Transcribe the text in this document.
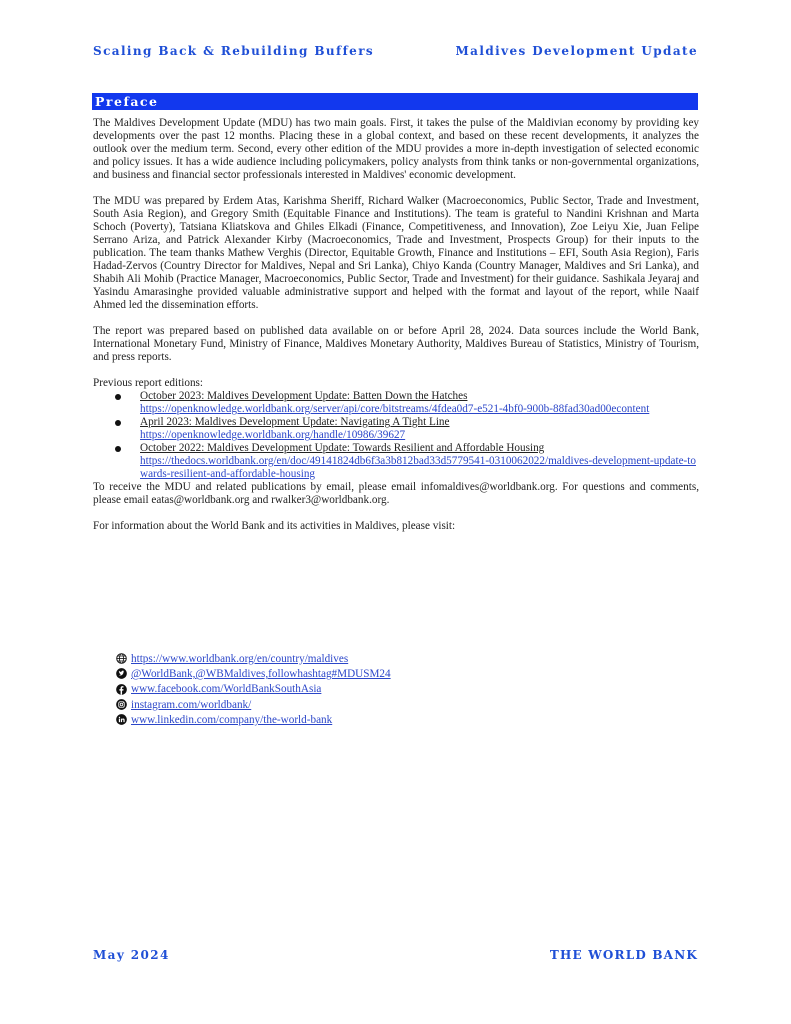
Scaling Back & Rebuilding Buffers	Maldives Development Update
Preface

The Maldives Development Update (MDU) has two main goals. First, it takes the pulse of the Maldivian economy by providing key developments over the past 12 months. Placing these in a global context, and based on these recent developments, it analyzes the outlook over the medium term. Second, every other edition of the MDU provides a more in-depth investigation of selected economic and policy issues. It has a wide audience including policymakers, policy analysts from think tanks or non-governmental organizations, and business and financial sector professionals interested in Maldives' economic development.

The MDU was prepared by Erdem Atas, Karishma Sheriff, Richard Walker (Macroeconomics, Public Sector, Trade and Investment, South Asia Region), and Gregory Smith (Equitable Finance and Institutions). The team is grateful to Nandini Krishnan and Marta Schoch (Poverty), Tatsiana Kliatskova and Ghiles Elkadi (Finance, Competitiveness, and Innovation), Zoe Leiyu Xie, Juan Felipe Serrano Ariza, and Patrick Alexander Kirby (Macroeconomics, Trade and Investment, Prospects Group) for their inputs to the publication. The team thanks Mathew Verghis (Director, Equitable Growth, Finance and Institutions – EFI, South Asia Region), Faris Hadad-Zervos (Country Director for Maldives, Nepal and Sri Lanka), Chiyo Kanda (Country Manager, Maldives and Sri Lanka), and Shabih Ali Mohib (Practice Manager, Macroeconomics, Public Sector, Trade and Investment) for their guidance. Sashikala Jeyaraj and Yasindu Amarasinghe provided valuable administrative support and helped with the format and layout of the report, while Naaif Ahmed led the dissemination efforts.

The report was prepared based on published data available on or before April 28, 2024. Data sources include the World Bank, International Monetary Fund, Ministry of Finance, Maldives Monetary Authority, Maldives Bureau of Statistics, Ministry of Tourism, and press reports.

Previous report editions:

October 2023: Maldives Development Update: Batten Down the Hatches
https://openknowledge.worldbank.org/server/api/core/bitstreams/4fdea0d7-e521-4bf0-900b-88fad30ad00econtent
April 2023: Maldives Development Update: Navigating A Tight Line
https://openknowledge.worldbank.org/handle/10986/39627
October 2022: Maldives Development Update: Towards Resilient and Affordable Housing
https://thedocs.worldbank.org/en/doc/49141824db6f3a3b812bad33d5779541-0310062022/maldives-development-update-towards-resilient-and-affordable-housing

To receive the MDU and related publications by email, please email infomaldives@worldbank.org. For questions and comments, please email eatas@worldbank.org and rwalker3@worldbank.org.

For information about the World Bank and its activities in Maldives, please visit:

https://www.worldbank.org/en/country/maldives
@WorldBank,@WBMaldives,followhashtag#MDUSM24
www.facebook.com/WorldBankSouthAsia
instagram.com/worldbank/
www.linkedin.com/company/the-world-bank
May 2024	THE WORLD BANK
